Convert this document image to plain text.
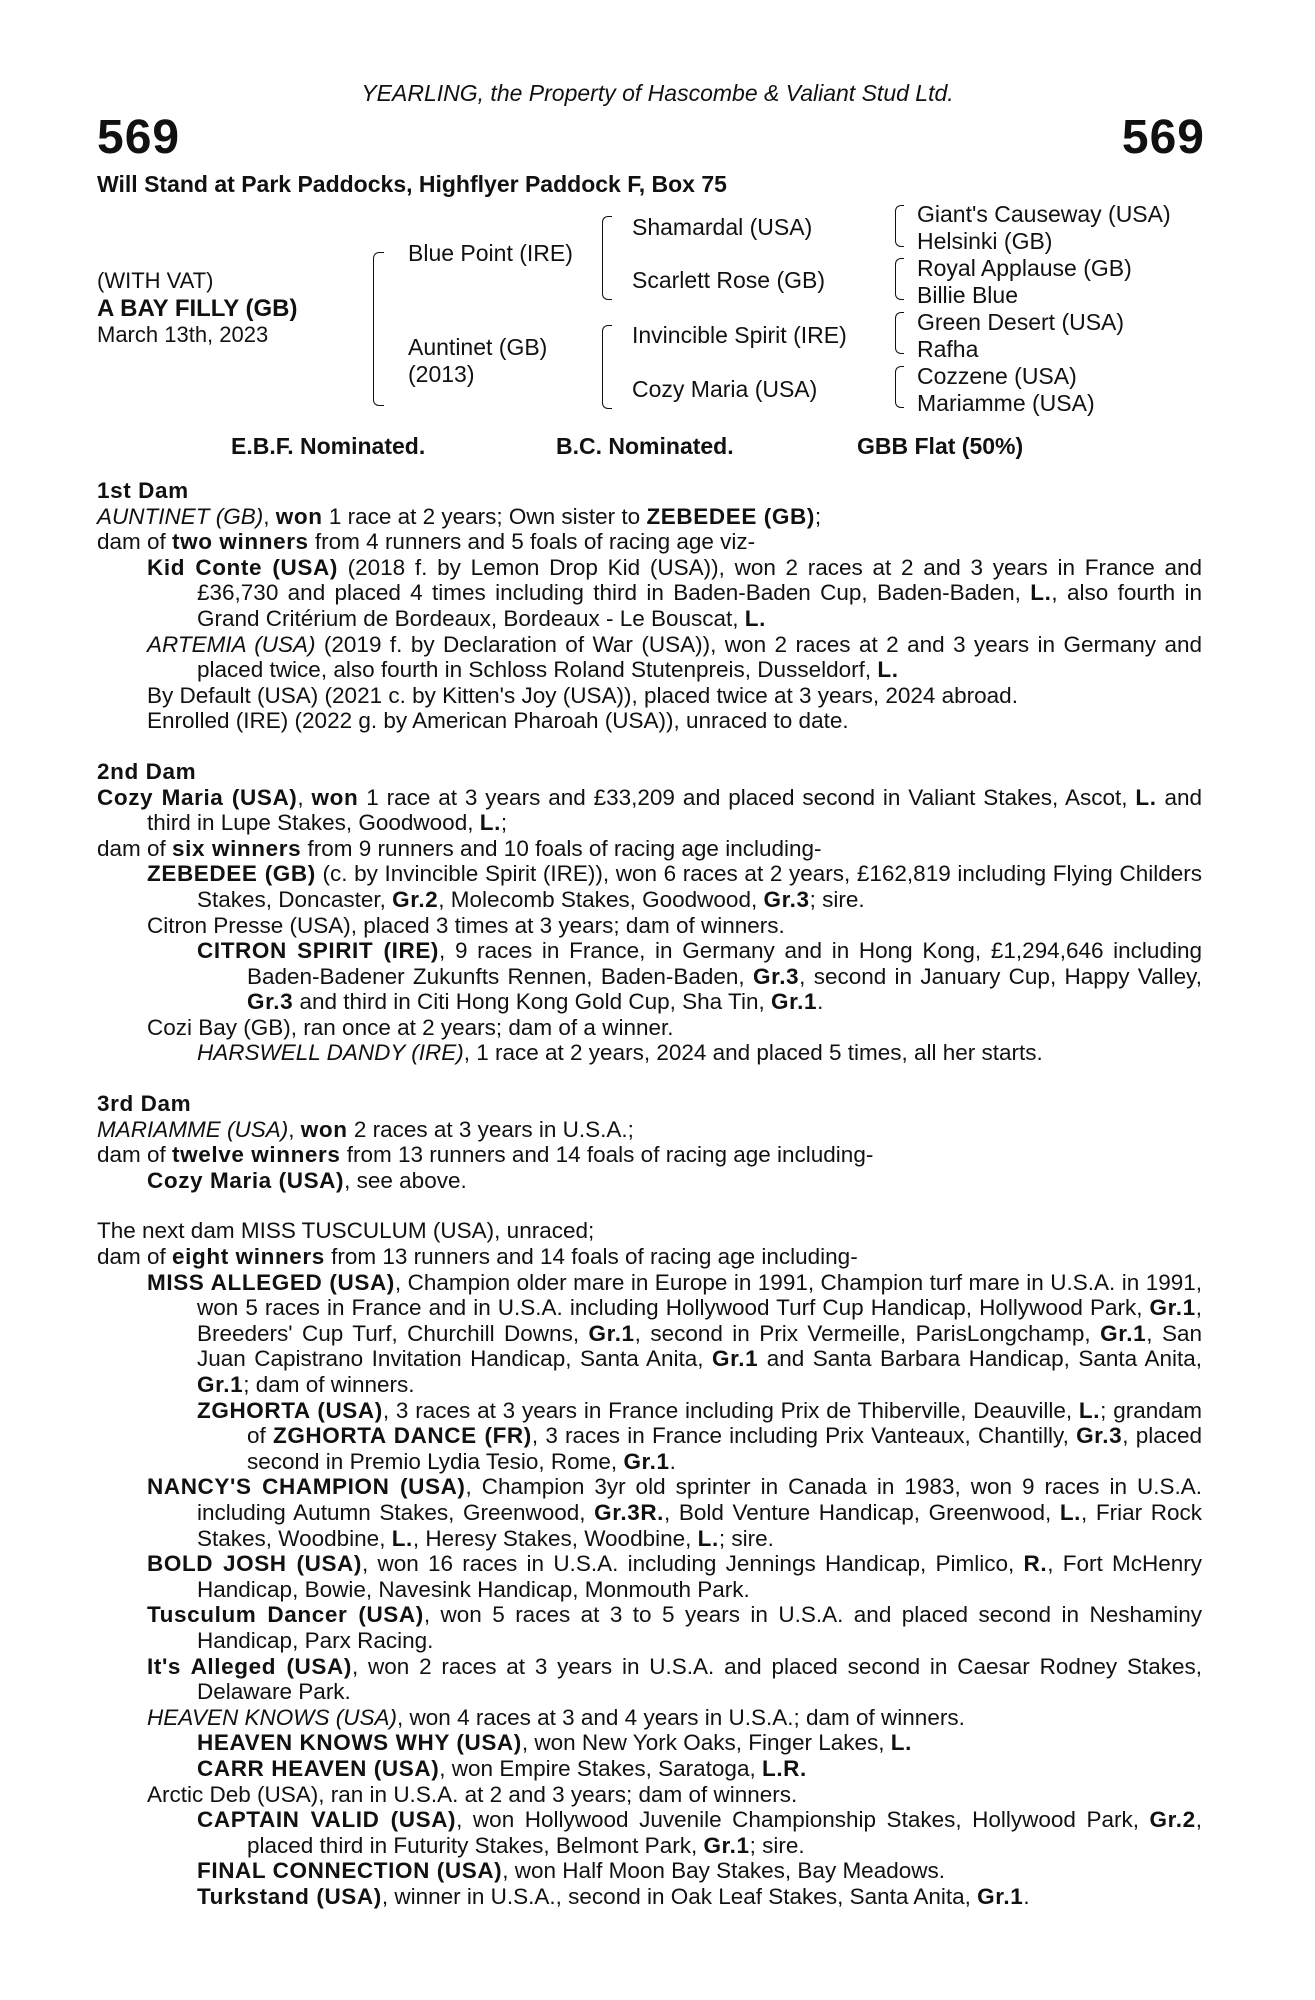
YEARLING, the Property of Hascombe & Valiant Stud Ltd.
569	569
Will Stand at Park Paddocks, Highflyer Paddock F, Box 75
(WITH VAT)
A BAY FILLY (GB)
March 13th, 2023
Blue Point (IRE)
Auntinet (GB)
(2013)
Shamardal (USA)
Scarlett Rose (GB)
Invincible Spirit (IRE)
Cozy Maria (USA)
Giant's Causeway (USA)
Helsinki (GB)
Royal Applause (GB)
Billie Blue
Green Desert (USA)
Rafha
Cozzene (USA)
Mariamme (USA)
E.B.F. Nominated.	B.C. Nominated.	GBB Flat (50%)
1st Dam
AUNTINET (GB), won 1 race at 2 years; Own sister to ZEBEDEE (GB);
dam of two winners from 4 runners and 5 foals of racing age viz-
Kid Conte (USA) (2018 f. by Lemon Drop Kid (USA)), won 2 races at 2 and 3 years in France and £36,730 and placed 4 times including third in Baden-Baden Cup, Baden-Baden, L., also fourth in Grand Critérium de Bordeaux, Bordeaux - Le Bouscat, L.
ARTEMIA (USA) (2019 f. by Declaration of War (USA)), won 2 races at 2 and 3 years in Germany and placed twice, also fourth in Schloss Roland Stutenpreis, Dusseldorf, L.
By Default (USA) (2021 c. by Kitten's Joy (USA)), placed twice at 3 years, 2024 abroad.
Enrolled (IRE) (2022 g. by American Pharoah (USA)), unraced to date.
2nd Dam
Cozy Maria (USA), won 1 race at 3 years and £33,209 and placed second in Valiant Stakes, Ascot, L. and third in Lupe Stakes, Goodwood, L.;
dam of six winners from 9 runners and 10 foals of racing age including-
ZEBEDEE (GB) (c. by Invincible Spirit (IRE)), won 6 races at 2 years, £162,819 including Flying Childers Stakes, Doncaster, Gr.2, Molecomb Stakes, Goodwood, Gr.3; sire.
Citron Presse (USA), placed 3 times at 3 years; dam of winners.
CITRON SPIRIT (IRE), 9 races in France, in Germany and in Hong Kong, £1,294,646 including Baden-Badener Zukunfts Rennen, Baden-Baden, Gr.3, second in January Cup, Happy Valley, Gr.3 and third in Citi Hong Kong Gold Cup, Sha Tin, Gr.1.
Cozi Bay (GB), ran once at 2 years; dam of a winner.
HARSWELL DANDY (IRE), 1 race at 2 years, 2024 and placed 5 times, all her starts.
3rd Dam
MARIAMME (USA), won 2 races at 3 years in U.S.A.;
dam of twelve winners from 13 runners and 14 foals of racing age including-
Cozy Maria (USA), see above.
The next dam MISS TUSCULUM (USA), unraced;
dam of eight winners from 13 runners and 14 foals of racing age including-
MISS ALLEGED (USA), Champion older mare in Europe in 1991, Champion turf mare in U.S.A. in 1991, won 5 races in France and in U.S.A. including Hollywood Turf Cup Handicap, Hollywood Park, Gr.1, Breeders' Cup Turf, Churchill Downs, Gr.1, second in Prix Vermeille, ParisLongchamp, Gr.1, San Juan Capistrano Invitation Handicap, Santa Anita, Gr.1 and Santa Barbara Handicap, Santa Anita, Gr.1; dam of winners.
ZGHORTA (USA), 3 races at 3 years in France including Prix de Thiberville, Deauville, L.; grandam of ZGHORTA DANCE (FR), 3 races in France including Prix Vanteaux, Chantilly, Gr.3, placed second in Premio Lydia Tesio, Rome, Gr.1.
NANCY'S CHAMPION (USA), Champion 3yr old sprinter in Canada in 1983, won 9 races in U.S.A. including Autumn Stakes, Greenwood, Gr.3R., Bold Venture Handicap, Greenwood, L., Friar Rock Stakes, Woodbine, L., Heresy Stakes, Woodbine, L.; sire.
BOLD JOSH (USA), won 16 races in U.S.A. including Jennings Handicap, Pimlico, R., Fort McHenry Handicap, Bowie, Navesink Handicap, Monmouth Park.
Tusculum Dancer (USA), won 5 races at 3 to 5 years in U.S.A. and placed second in Neshaminy Handicap, Parx Racing.
It's Alleged (USA), won 2 races at 3 years in U.S.A. and placed second in Caesar Rodney Stakes, Delaware Park.
HEAVEN KNOWS (USA), won 4 races at 3 and 4 years in U.S.A.; dam of winners.
HEAVEN KNOWS WHY (USA), won New York Oaks, Finger Lakes, L.
CARR HEAVEN (USA), won Empire Stakes, Saratoga, L.R.
Arctic Deb (USA), ran in U.S.A. at 2 and 3 years; dam of winners.
CAPTAIN VALID (USA), won Hollywood Juvenile Championship Stakes, Hollywood Park, Gr.2, placed third in Futurity Stakes, Belmont Park, Gr.1; sire.
FINAL CONNECTION (USA), won Half Moon Bay Stakes, Bay Meadows.
Turkstand (USA), winner in U.S.A., second in Oak Leaf Stakes, Santa Anita, Gr.1.
